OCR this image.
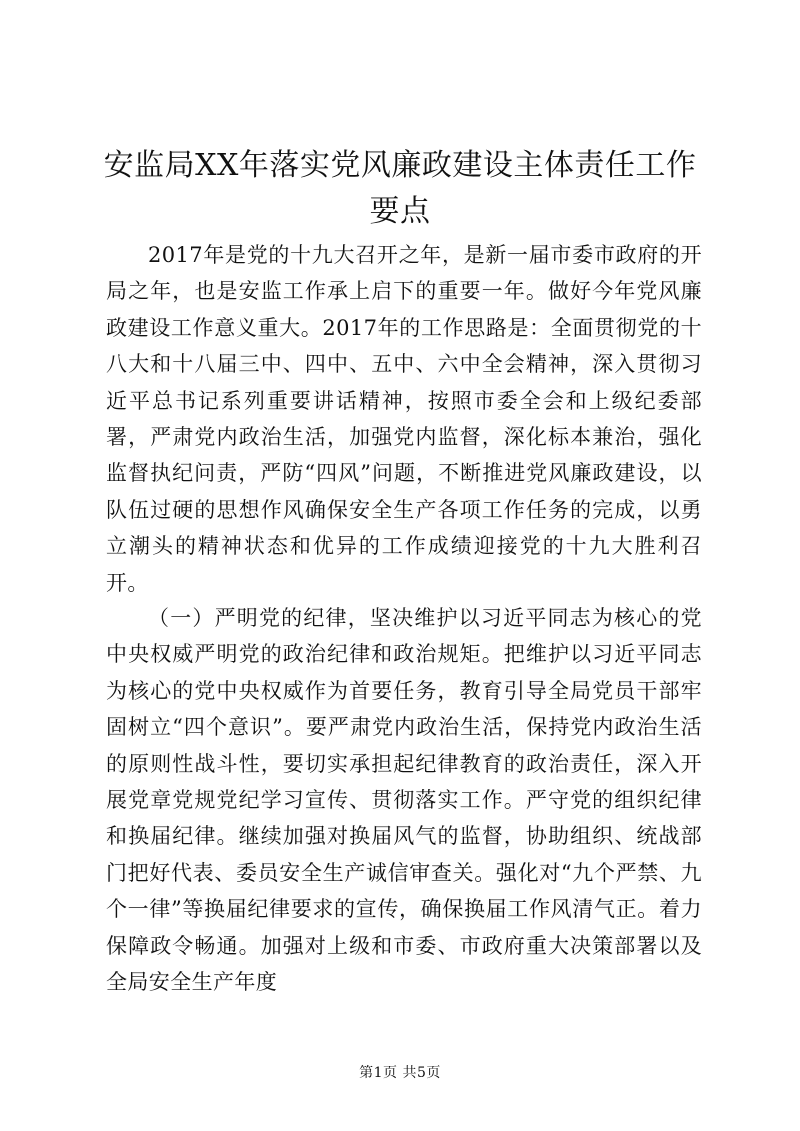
安监局XX年落实党风廉政建设主体责任工作要点

2017年是党的十九大召开之年，是新一届市委市政府的开局之年，也是安监工作承上启下的重要一年。做好今年党风廉政建设工作意义重大。2017年的工作思路是：全面贯彻党的十八大和十八届三中、四中、五中、六中全会精神，深入贯彻习近平总书记系列重要讲话精神，按照市委全会和上级纪委部署，严肃党内政治生活，加强党内监督，深化标本兼治，强化监督执纪问责，严防“四风”问题，不断推进党风廉政建设，以队伍过硬的思想作风确保安全生产各项工作任务的完成，以勇立潮头的精神状态和优异的工作成绩迎接党的十九大胜利召开。

（一）严明党的纪律，坚决维护以习近平同志为核心的党中央权威严明党的政治纪律和政治规矩。把维护以习近平同志为核心的党中央权威作为首要任务，教育引导全局党员干部牢固树立“四个意识”。要严肃党内政治生活，保持党内政治生活的原则性战斗性，要切实承担起纪律教育的政治责任，深入开展党章党规党纪学习宣传、贯彻落实工作。严守党的组织纪律和换届纪律。继续加强对换届风气的监督，协助组织、统战部门把好代表、委员安全生产诚信审查关。强化对“九个严禁、九个一律”等换届纪律要求的宣传，确保换届工作风清气正。着力保障政令畅通。加强对上级和市委、市政府重大决策部署以及全局安全生产年度

第1页 共5页
